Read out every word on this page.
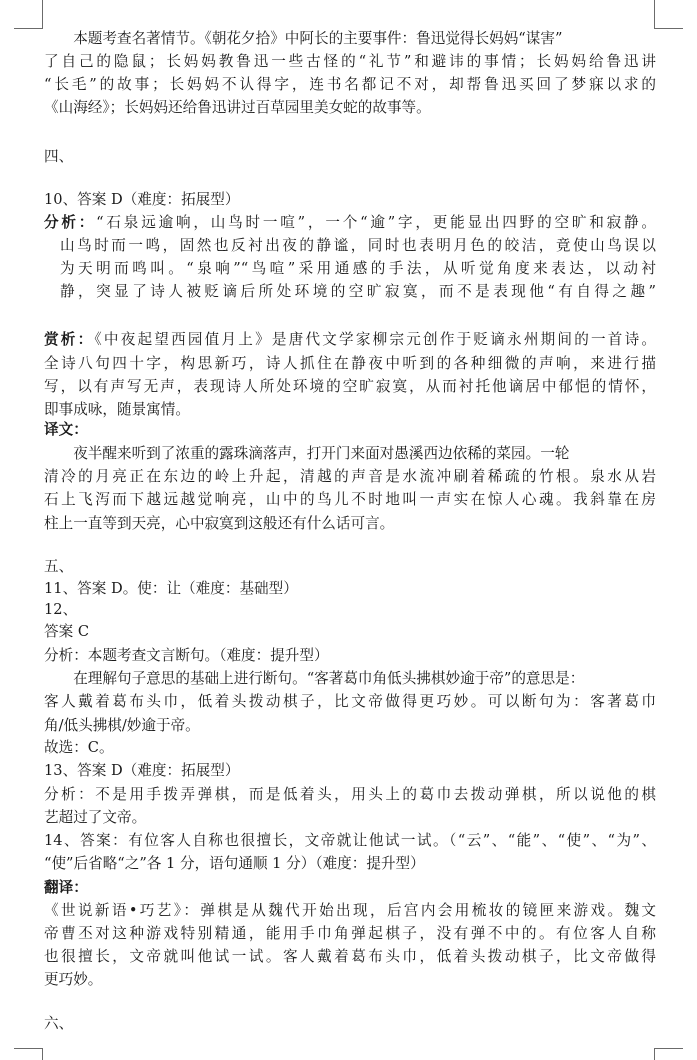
本题考查名著情节。《朝花夕拾》中阿长的主要事件：鲁迅觉得长妈妈“谋害”
了自己的隐鼠；长妈妈教鲁迅一些古怪的“礼节”和避讳的事情；长妈妈给鲁迅讲
“长毛”的故事；长妈妈不认得字，连书名都记不对，却帮鲁迅买回了梦寐以求的
《山海经》；长妈妈还给鲁迅讲过百草园里美女蛇的故事等。
四、
10、答案 D（难度：拓展型）
分析：“石泉远逾响，山鸟时一喧”，一个“逾”字，更能显出四野的空旷和寂静。
山鸟时而一鸣，固然也反衬出夜的静谧，同时也表明月色的皎洁，竟使山鸟误以
为天明而鸣叫。“泉响”“鸟喧”采用通感的手法，从听觉角度来表达，以动衬
静，突显了诗人被贬谪后所处环境的空旷寂寞，而不是表现他“有自得之趣”
赏析：《中夜起望西园值月上》是唐代文学家柳宗元创作于贬谪永州期间的一首诗。
全诗八句四十字，构思新巧，诗人抓住在静夜中听到的各种细微的声响，来进行描
写，以有声写无声，表现诗人所处环境的空旷寂寞，从而衬托他谪居中郁悒的情怀，
即事成咏，随景寓情。
译文：
夜半醒来听到了浓重的露珠滴落声，打开门来面对愚溪西边依稀的菜园。一轮
清冷的月亮正在东边的岭上升起，清越的声音是水流冲刷着稀疏的竹根。泉水从岩
石上飞泻而下越远越觉响亮，山中的鸟儿不时地叫一声实在惊人心魂。我斜靠在房
柱上一直等到天亮，心中寂寞到这般还有什么话可言。
五、
11、答案 D。使：让（难度：基础型）
12、
答案 C
分析：本题考查文言断句。（难度：提升型）
在理解句子意思的基础上进行断句。“客著葛巾角低头拂棋妙逾于帝”的意思是：
客人戴着葛布头巾，低着头拨动棋子，比文帝做得更巧妙。可以断句为：客著葛巾
角/低头拂棋/妙逾于帝。
故选：C。
13、答案 D（难度：拓展型）
分析：不是用手拨弄弹棋，而是低着头，用头上的葛巾去拨动弹棋，所以说他的棋
艺超过了文帝。
14、答案：有位客人自称也很擅长，文帝就让他试一试。（“云”、“能”、“使”、“为”、
“使”后省略“之”各 1 分，语句通顺 1 分）（难度：提升型）
翻译：
《世说新语•巧艺》：弹棋是从魏代开始出现，后宫内会用梳妆的镜匣来游戏。魏文
帝曹丕对这种游戏特别精通，能用手巾角弹起棋子，没有弹不中的。有位客人自称
也很擅长，文帝就叫他试一试。客人戴着葛布头巾，低着头拨动棋子，比文帝做得
更巧妙。
六、
